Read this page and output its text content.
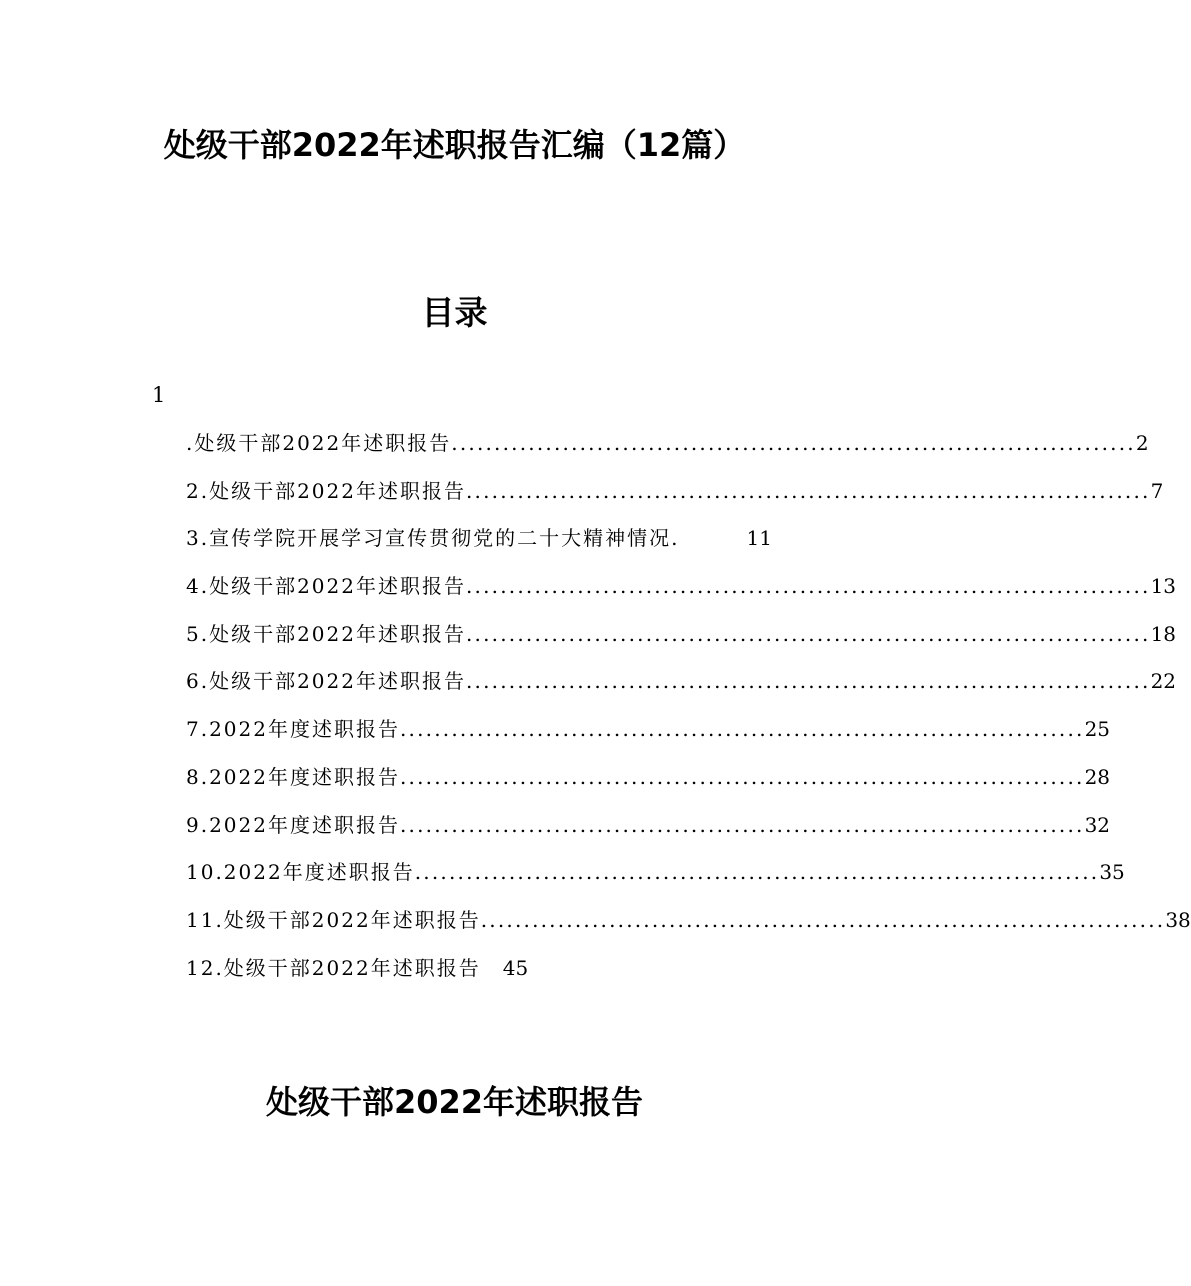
处级干部2022年述职报告汇编（12篇）
目录
1
.处级干部2022年述职报告 ................................................................................ 2
2.处级干部2022年述职报告 ................................................................................ 7
3.宣传学院开展学习宣传贯彻党的二十大精神情况.	11
4.处级干部2022年述职报告 ................................................................................ 13
5.处级干部2022年述职报告 ................................................................................ 18
6.处级干部2022年述职报告 ................................................................................ 22
7.2022年度述职报告 ................................................................................ 25
8.2022年度述职报告 ................................................................................ 28
9.2022年度述职报告 ................................................................................ 32
10.2022年度述职报告 ................................................................................ 35
11.处级干部2022年述职报告 ................................................................................ 38
12.处级干部2022年述职报告 45
处级干部2022年述职报告
